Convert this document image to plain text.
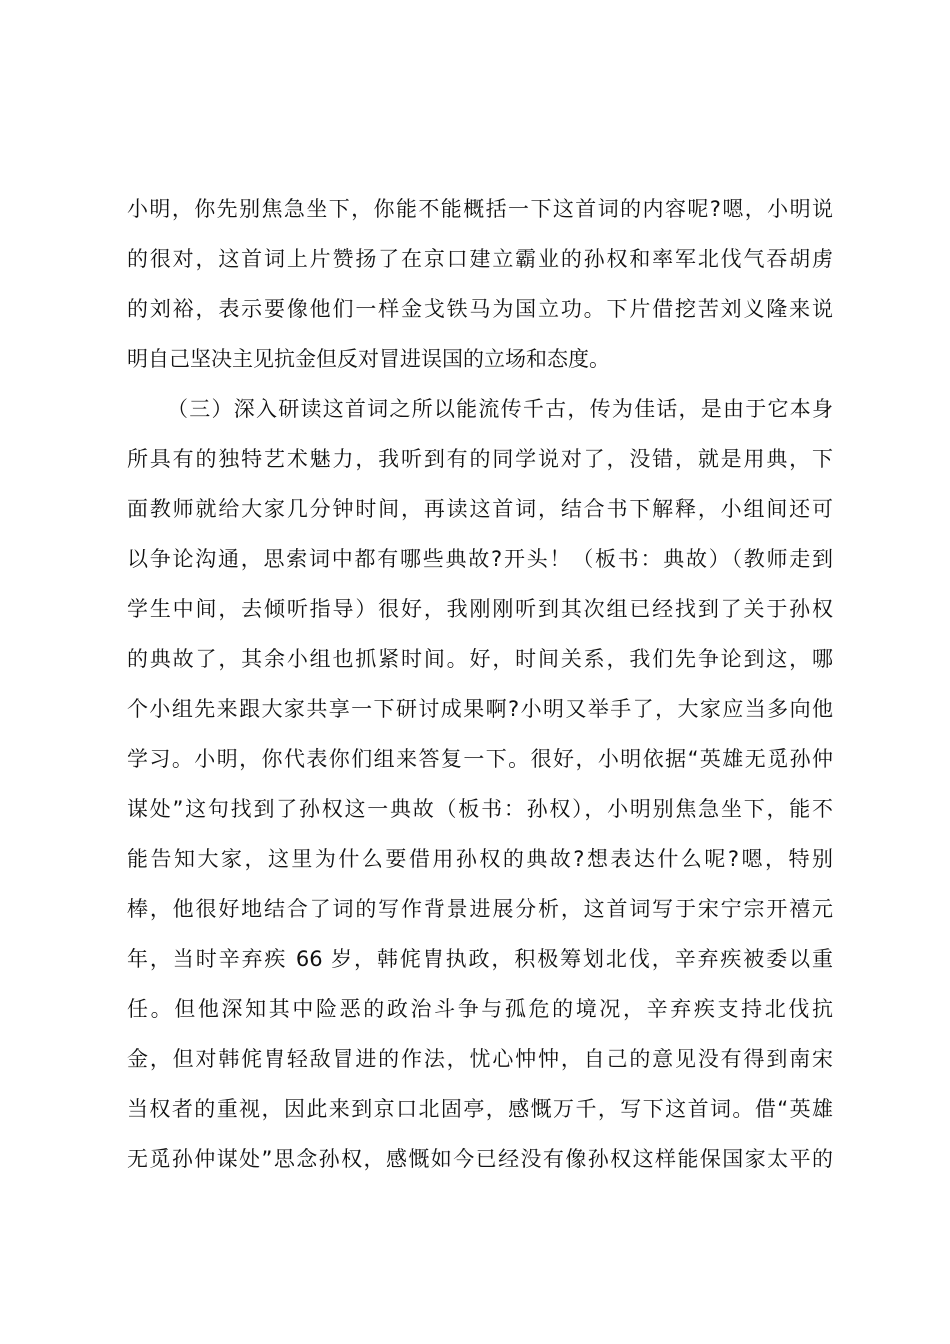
小明，你先别焦急坐下，你能不能概括一下这首词的内容呢?嗯，小明说
的很对，这首词上片赞扬了在京口建立霸业的孙权和率军北伐气吞胡虏
的刘裕，表示要像他们一样金戈铁马为国立功。下片借挖苦刘义隆来说
明自己坚决主见抗金但反对冒进误国的立场和态度。
（三）深入研读这首词之所以能流传千古，传为佳话，是由于它本身
所具有的独特艺术魅力，我听到有的同学说对了，没错，就是用典，下
面教师就给大家几分钟时间，再读这首词，结合书下解释，小组间还可
以争论沟通，思索词中都有哪些典故?开头！（板书：典故）（教师走到
学生中间，去倾听指导）很好，我刚刚听到其次组已经找到了关于孙权
的典故了，其余小组也抓紧时间。好，时间关系，我们先争论到这，哪
个小组先来跟大家共享一下研讨成果啊?小明又举手了，大家应当多向他
学习。小明，你代表你们组来答复一下。很好，小明依据“英雄无觅孙仲
谋处”这句找到了孙权这一典故（板书：孙权），小明别焦急坐下，能不
能告知大家，这里为什么要借用孙权的典故?想表达什么呢?嗯，特别
棒，他很好地结合了词的写作背景进展分析，这首词写于宋宁宗开禧元
年，当时辛弃疾 66 岁，韩侂胄执政，积极筹划北伐，辛弃疾被委以重
任。但他深知其中险恶的政治斗争与孤危的境况，辛弃疾支持北伐抗
金，但对韩侂胄轻敌冒进的作法，忧心忡忡，自己的意见没有得到南宋
当权者的重视，因此来到京口北固亭，感慨万千，写下这首词。借“英雄
无觅孙仲谋处”思念孙权，感慨如今已经没有像孙权这样能保国家太平的
